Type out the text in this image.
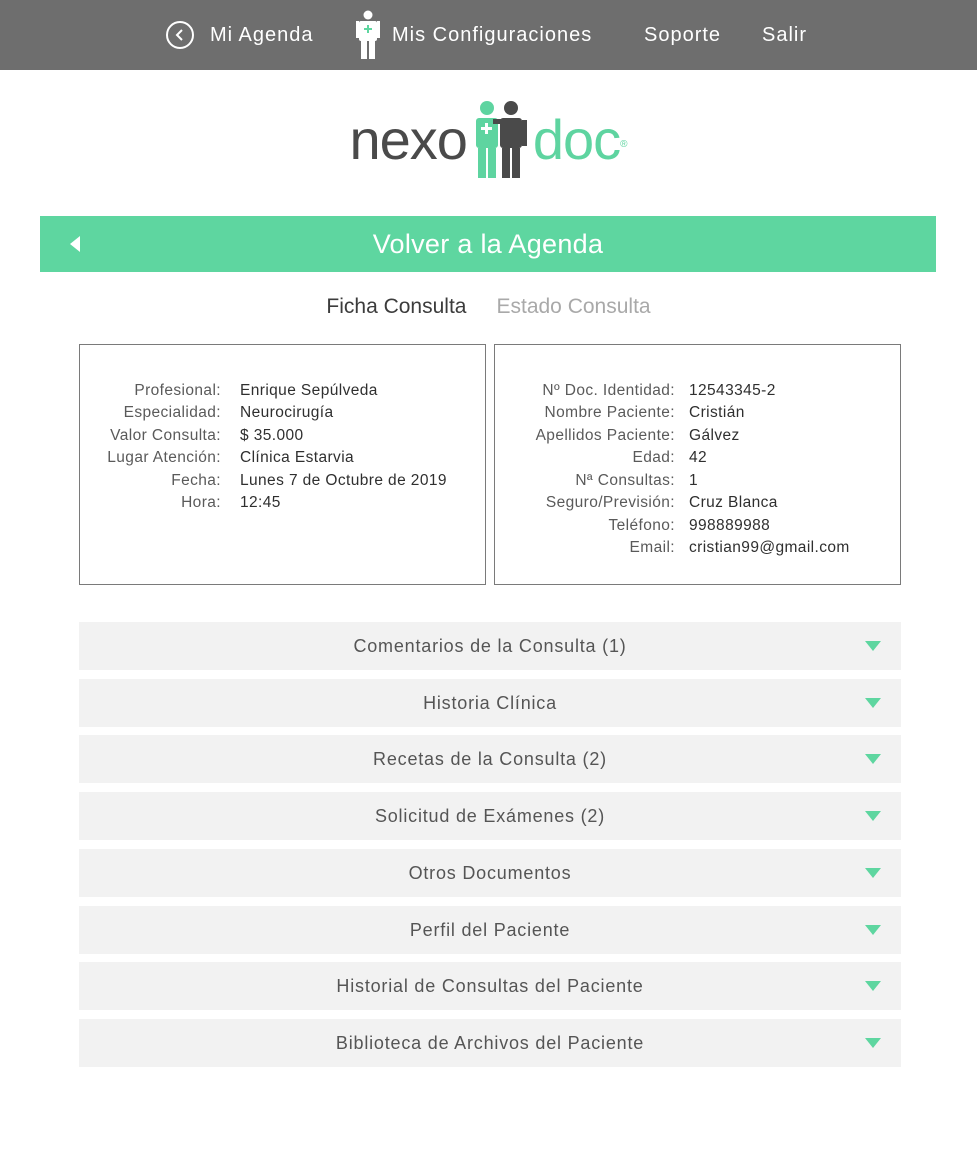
Mi Agenda	Mis Configuraciones	Soporte Salir
nexo doc ®
Volver a la Agenda
Ficha Consulta Estado Consulta
Profesional: Enrique Sepúlveda
Especialidad: Neurocirugía
Valor Consulta: $ 35.000
Lugar Atención: Clínica Estarvia
Fecha: Lunes 7 de Octubre de 2019
Hora: 12:45
Nº Doc. Identidad: 12543345-2
Nombre Paciente: Cristián
Apellidos Paciente: Gálvez
Edad: 42
Nª Consultas: 1
Seguro/Previsión: Cruz Blanca
Teléfono: 998889988
Email: cristian99@gmail.com
Comentarios de la Consulta (1)
Historia Clínica
Recetas de la Consulta (2)
Solicitud de Exámenes (2)
Otros Documentos
Perfil del Paciente
Historial de Consultas del Paciente
Biblioteca de Archivos del Paciente
